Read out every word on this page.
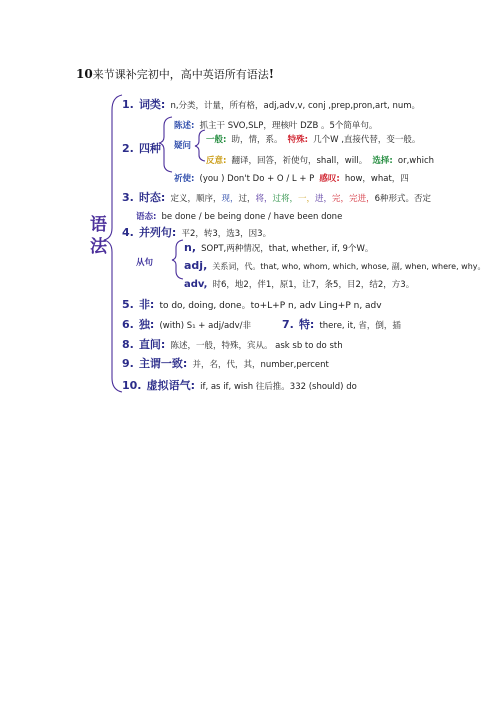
10来节课补完初中，高中英语所有语法!
语
法
1. 词类: n,分类，计量，所有格，adj,adv,v, conj ,prep,pron,art, num。
陈述: 抓主干 SVO,SLP，理核叶 DZB 。5个简单句。
2. 四种 疑问
一般: 助，情，系。 特殊: 几个W ,直接代替，变一般。
反意: 翻译，回答，祈使句，shall，will。 选择: or,which
祈使: (you ) Don't Do + O / L + P 感叹: how，what，四
3. 时态: 定义，顺序，现，过，将，过将，一，进，完，完进，6种形式。否定
语态: be done / be being done / have been done
4. 并列句: 平2，转3，选3，因3。
n, SOPT,两种情况，that, whether, if, 9个W。
从句	adj, 关系词，代。that, who, whom, which, whose, 副, when, where, why。
adv, 时6，地2，伴1，原1，让7，条5，目2，结2，方3。
5. 非: to do, doing, done。to+L+P n, adv Ling+P n, adv
6. 独: (with) S₁ + adj/adv/非	7. 特: there, it, 省，倒，插
8. 直间: 陈述，一般，特殊，宾从。 ask sb to do sth
9. 主谓一致: 并，名，代，其，number,percent
10. 虚拟语气: if, as if, wish 往后推。332 (should) do
